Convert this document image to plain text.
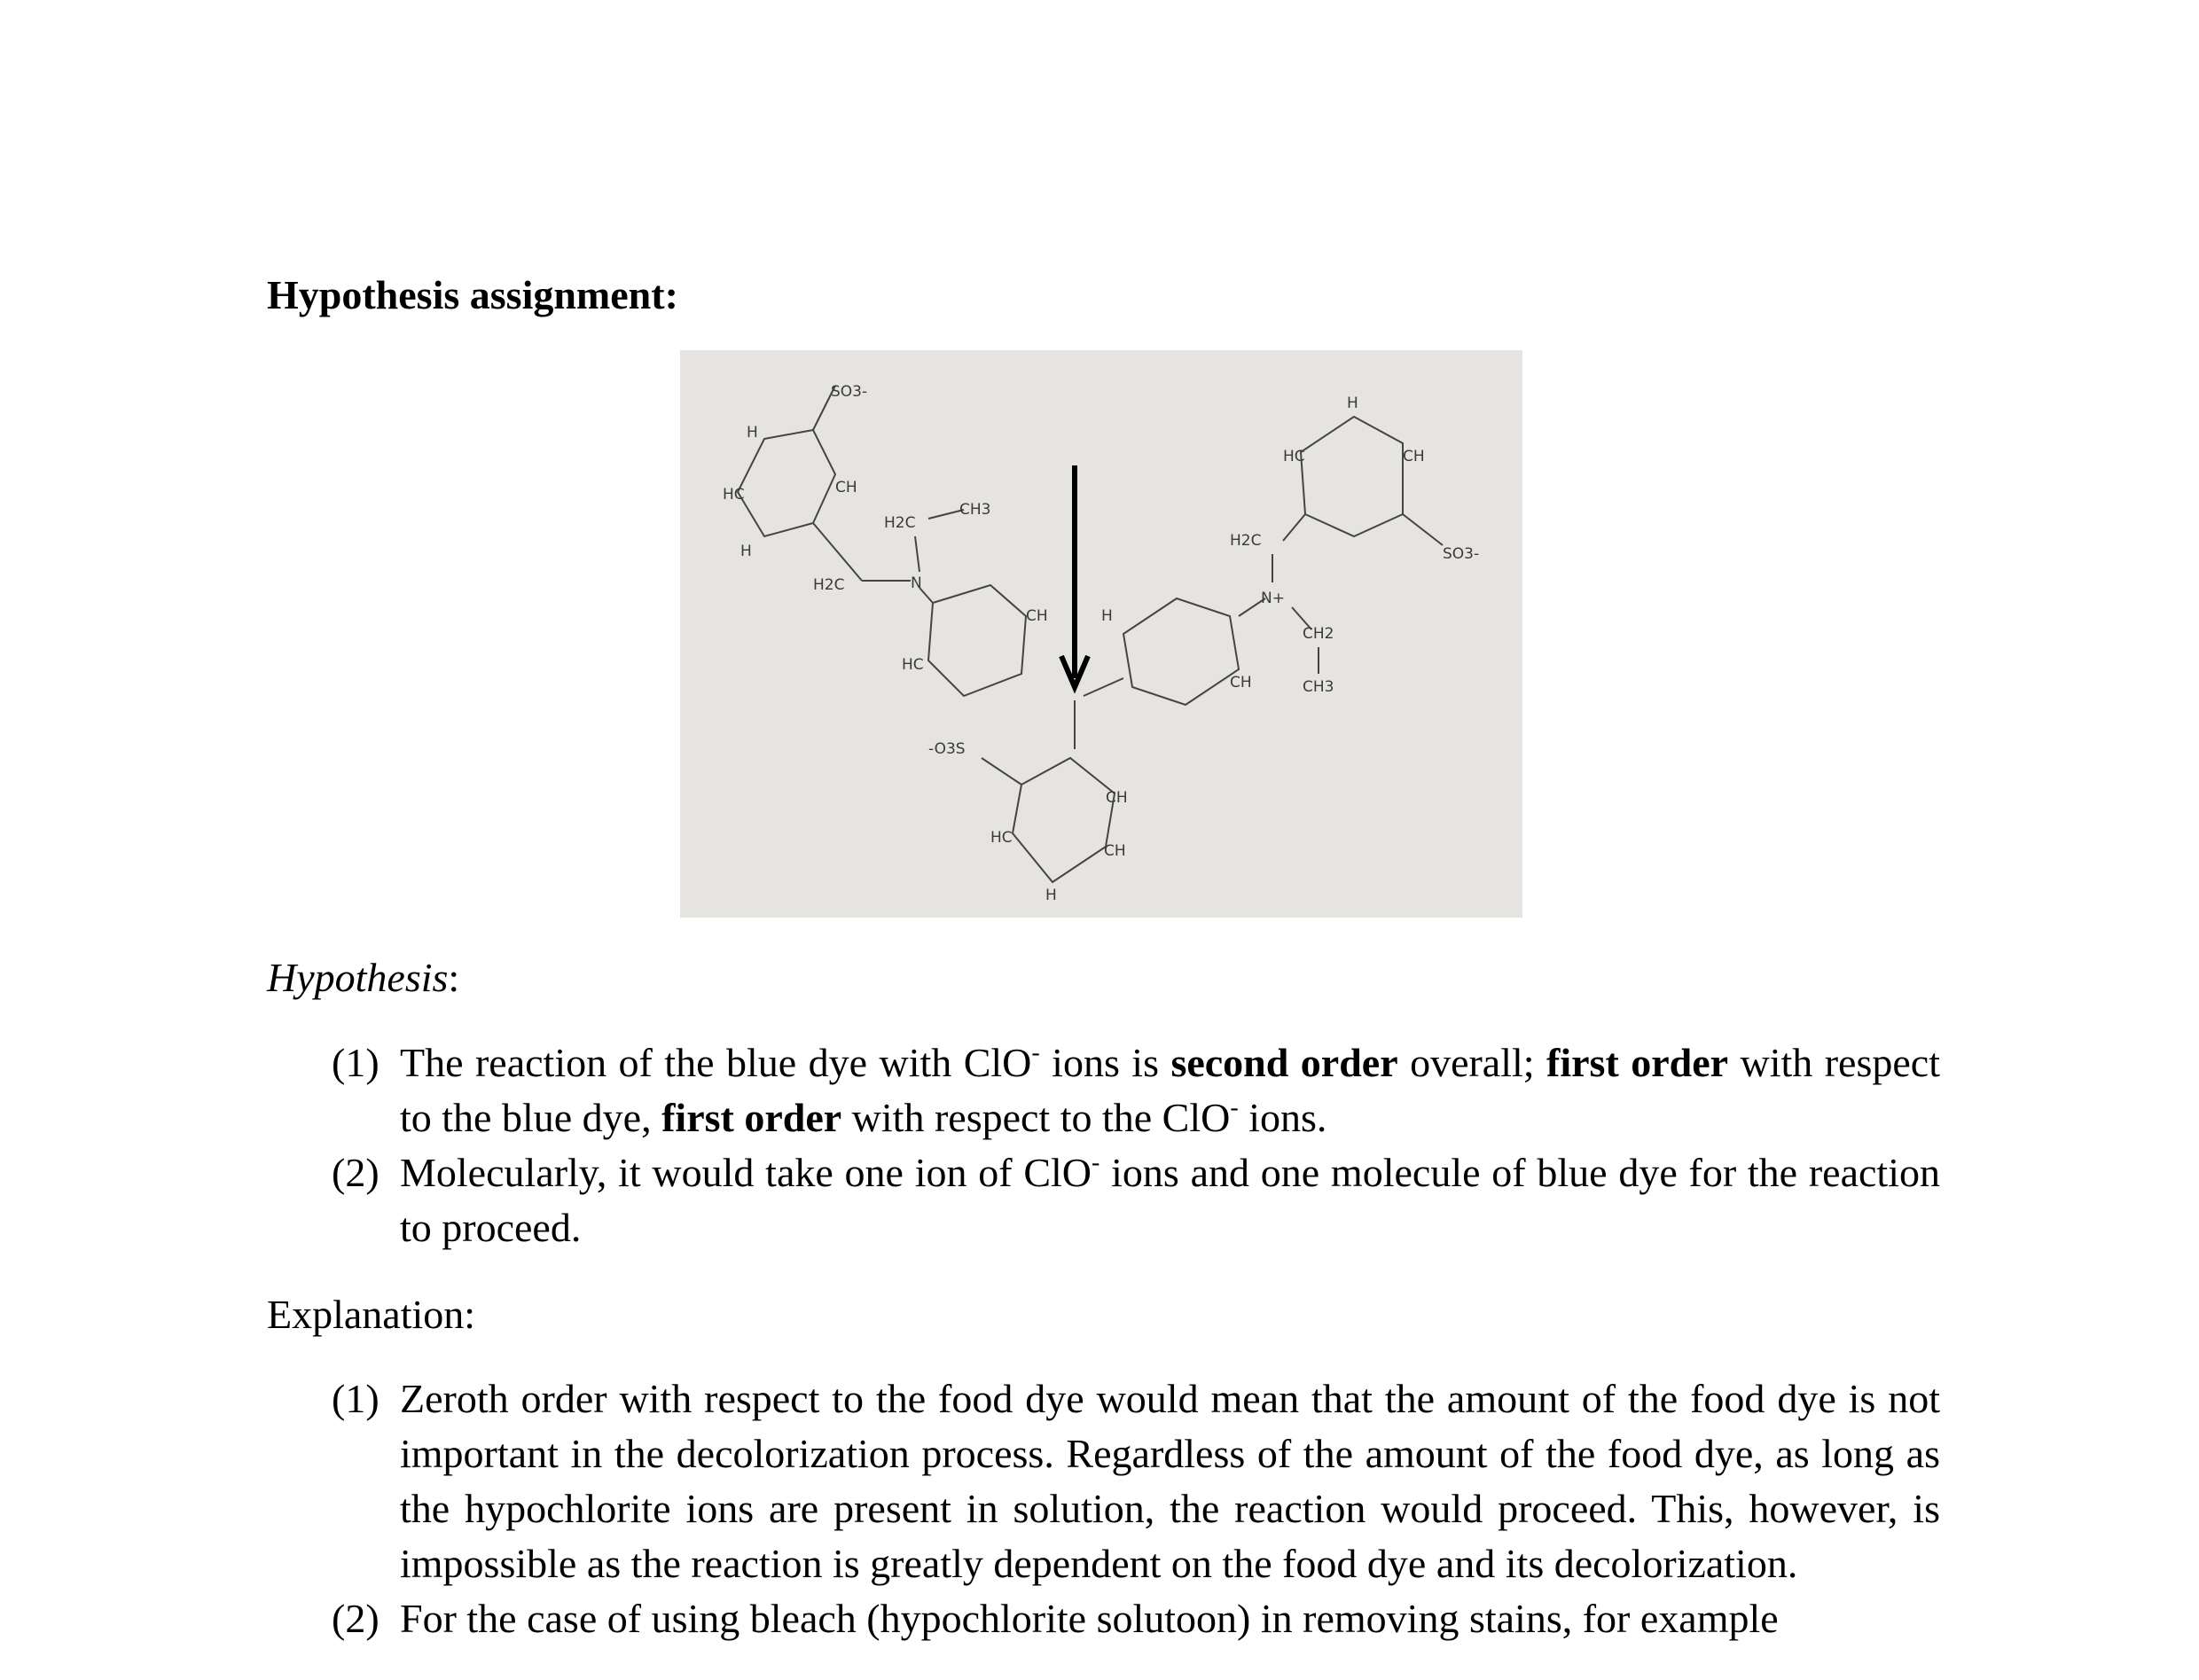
Hypothesis assignment:
HC	CH
SO3-
H
H
H2C	N
H2C
CH3
HC
CH	H
CH
N+
H2C
CH2
CH3
HC	CH
SO3-
H
-O3S
CH
CH
HC
H

Hypothesis:

(1) The reaction of the blue dye with ClO- ions is second order overall; first order with respect to the blue dye, first order with respect to the ClO- ions.
(2) Molecularly, it would take one ion of ClO- ions and one molecule of blue dye for the reaction to proceed.

Explanation:

(1) Zeroth order with respect to the food dye would mean that the amount of the food dye is not important in the decolorization process. Regardless of the amount of the food dye, as long as the hypochlorite ions are present in solution, the reaction would proceed. This, however, is impossible as the reaction is greatly dependent on the food dye and its decolorization.
(2) For the case of using bleach (hypochlorite solutoon) in removing stains, for example
